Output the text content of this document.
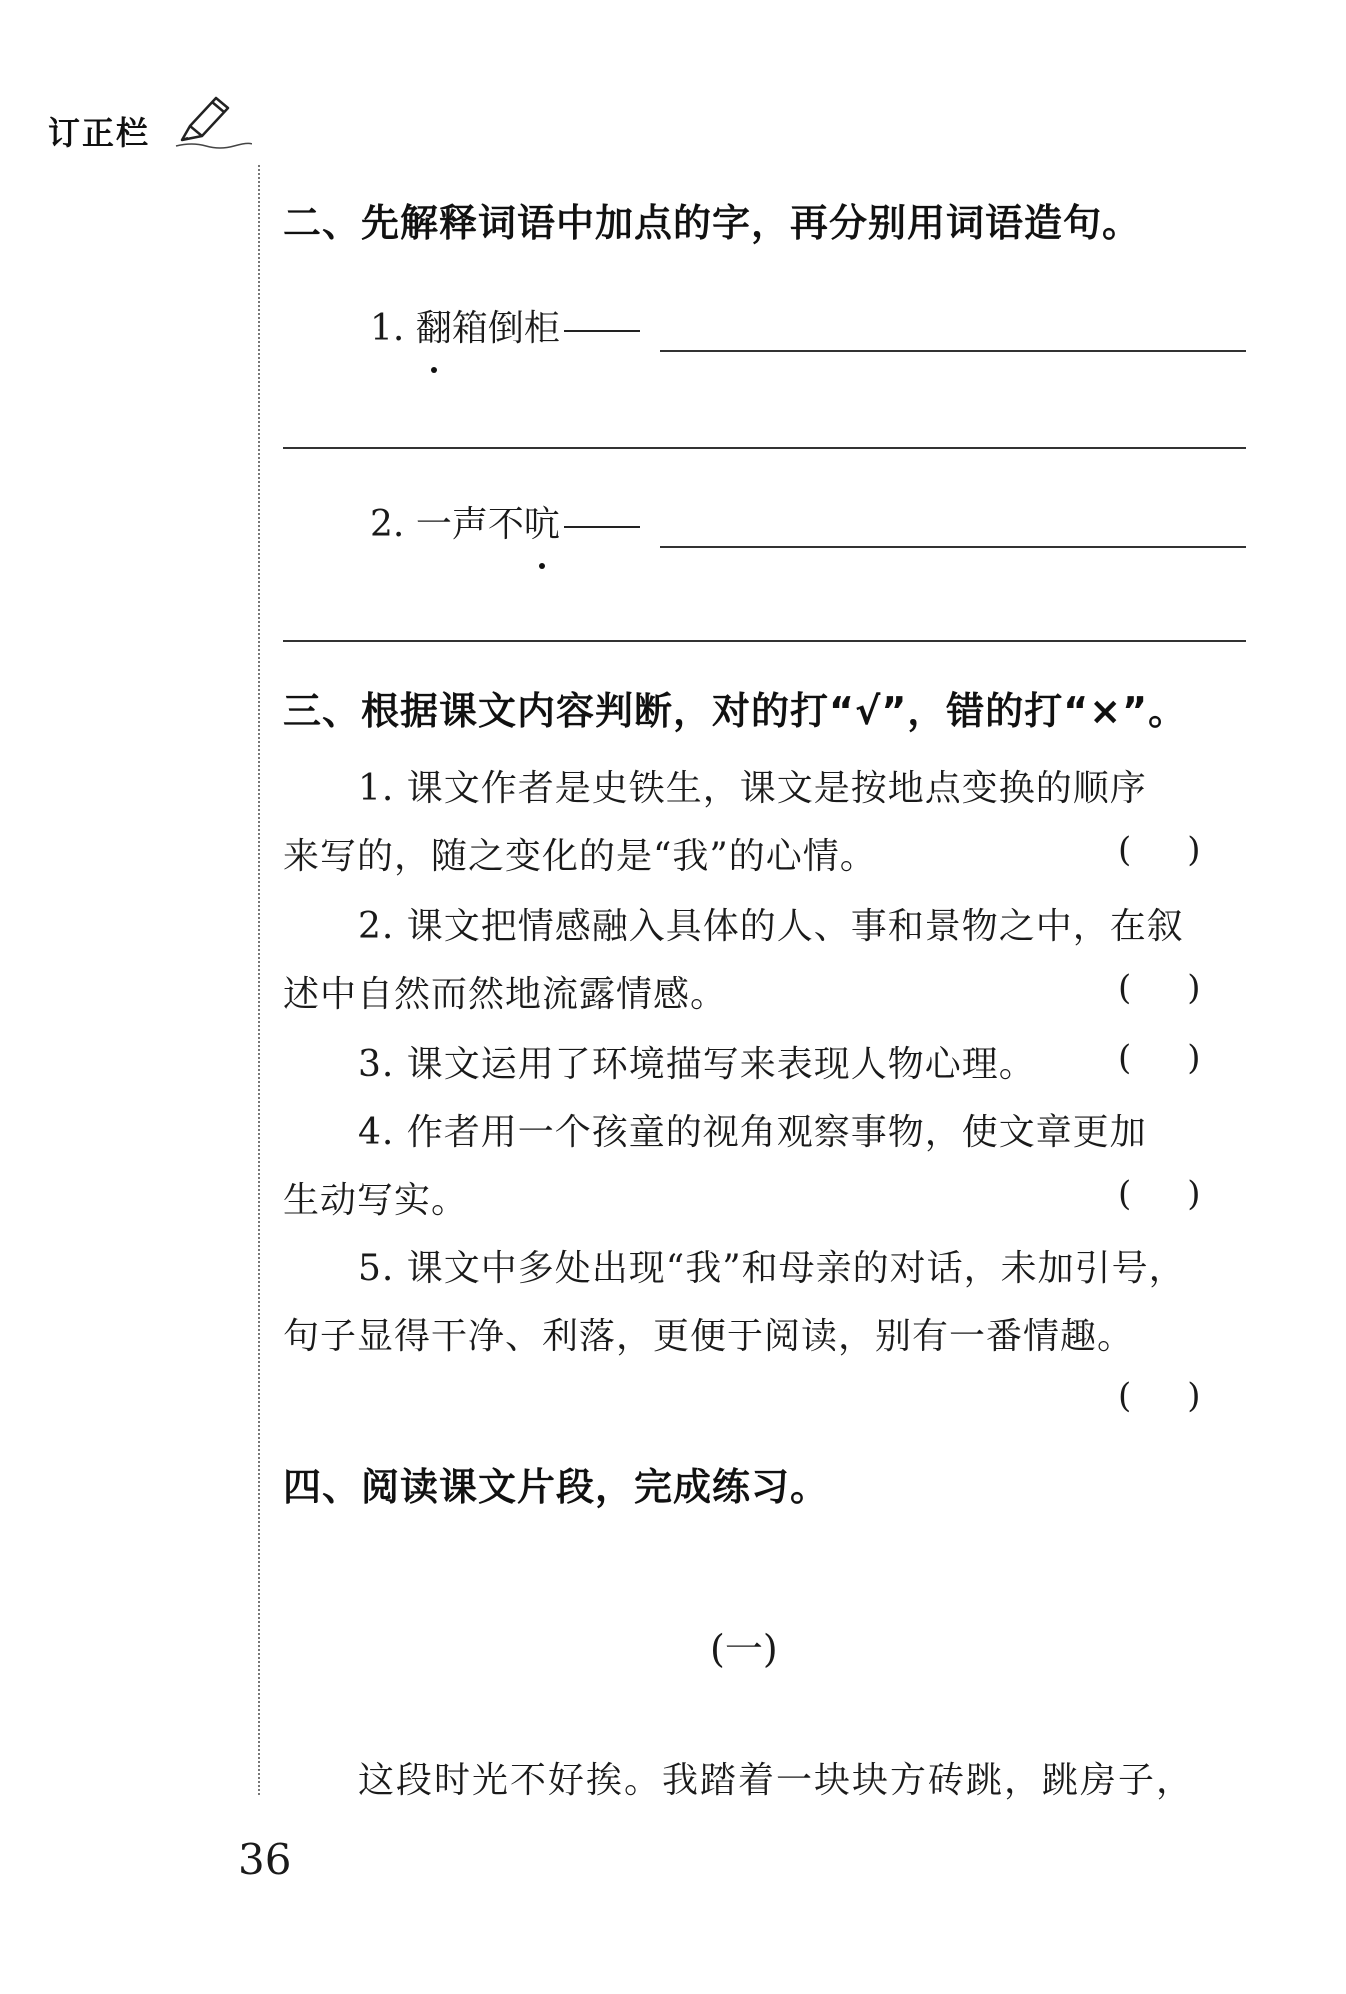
订正栏
二、先解释词语中加点的字，再分别用词语造句。
1. 翻箱倒柜
2. 一声不吭
三、根据课文内容判断，对的打“√”，错的打“×”。
1. 课文作者是史铁生，课文是按地点变换的顺序
来写的，随之变化的是“我”的心情。	( )
2. 课文把情感融入具体的人、事和景物之中，在叙
述中自然而然地流露情感。	( )
3. 课文运用了环境描写来表现人物心理。 ( )
4. 作者用一个孩童的视角观察事物，使文章更加
生动写实。	( )
5. 课文中多处出现“我”和母亲的对话，未加引号，
句子显得干净、利落，更便于阅读，别有一番情趣。
( )
四、阅读课文片段，完成练习。
(一)
这段时光不好挨。我踏着一块块方砖跳，跳房子，
36
